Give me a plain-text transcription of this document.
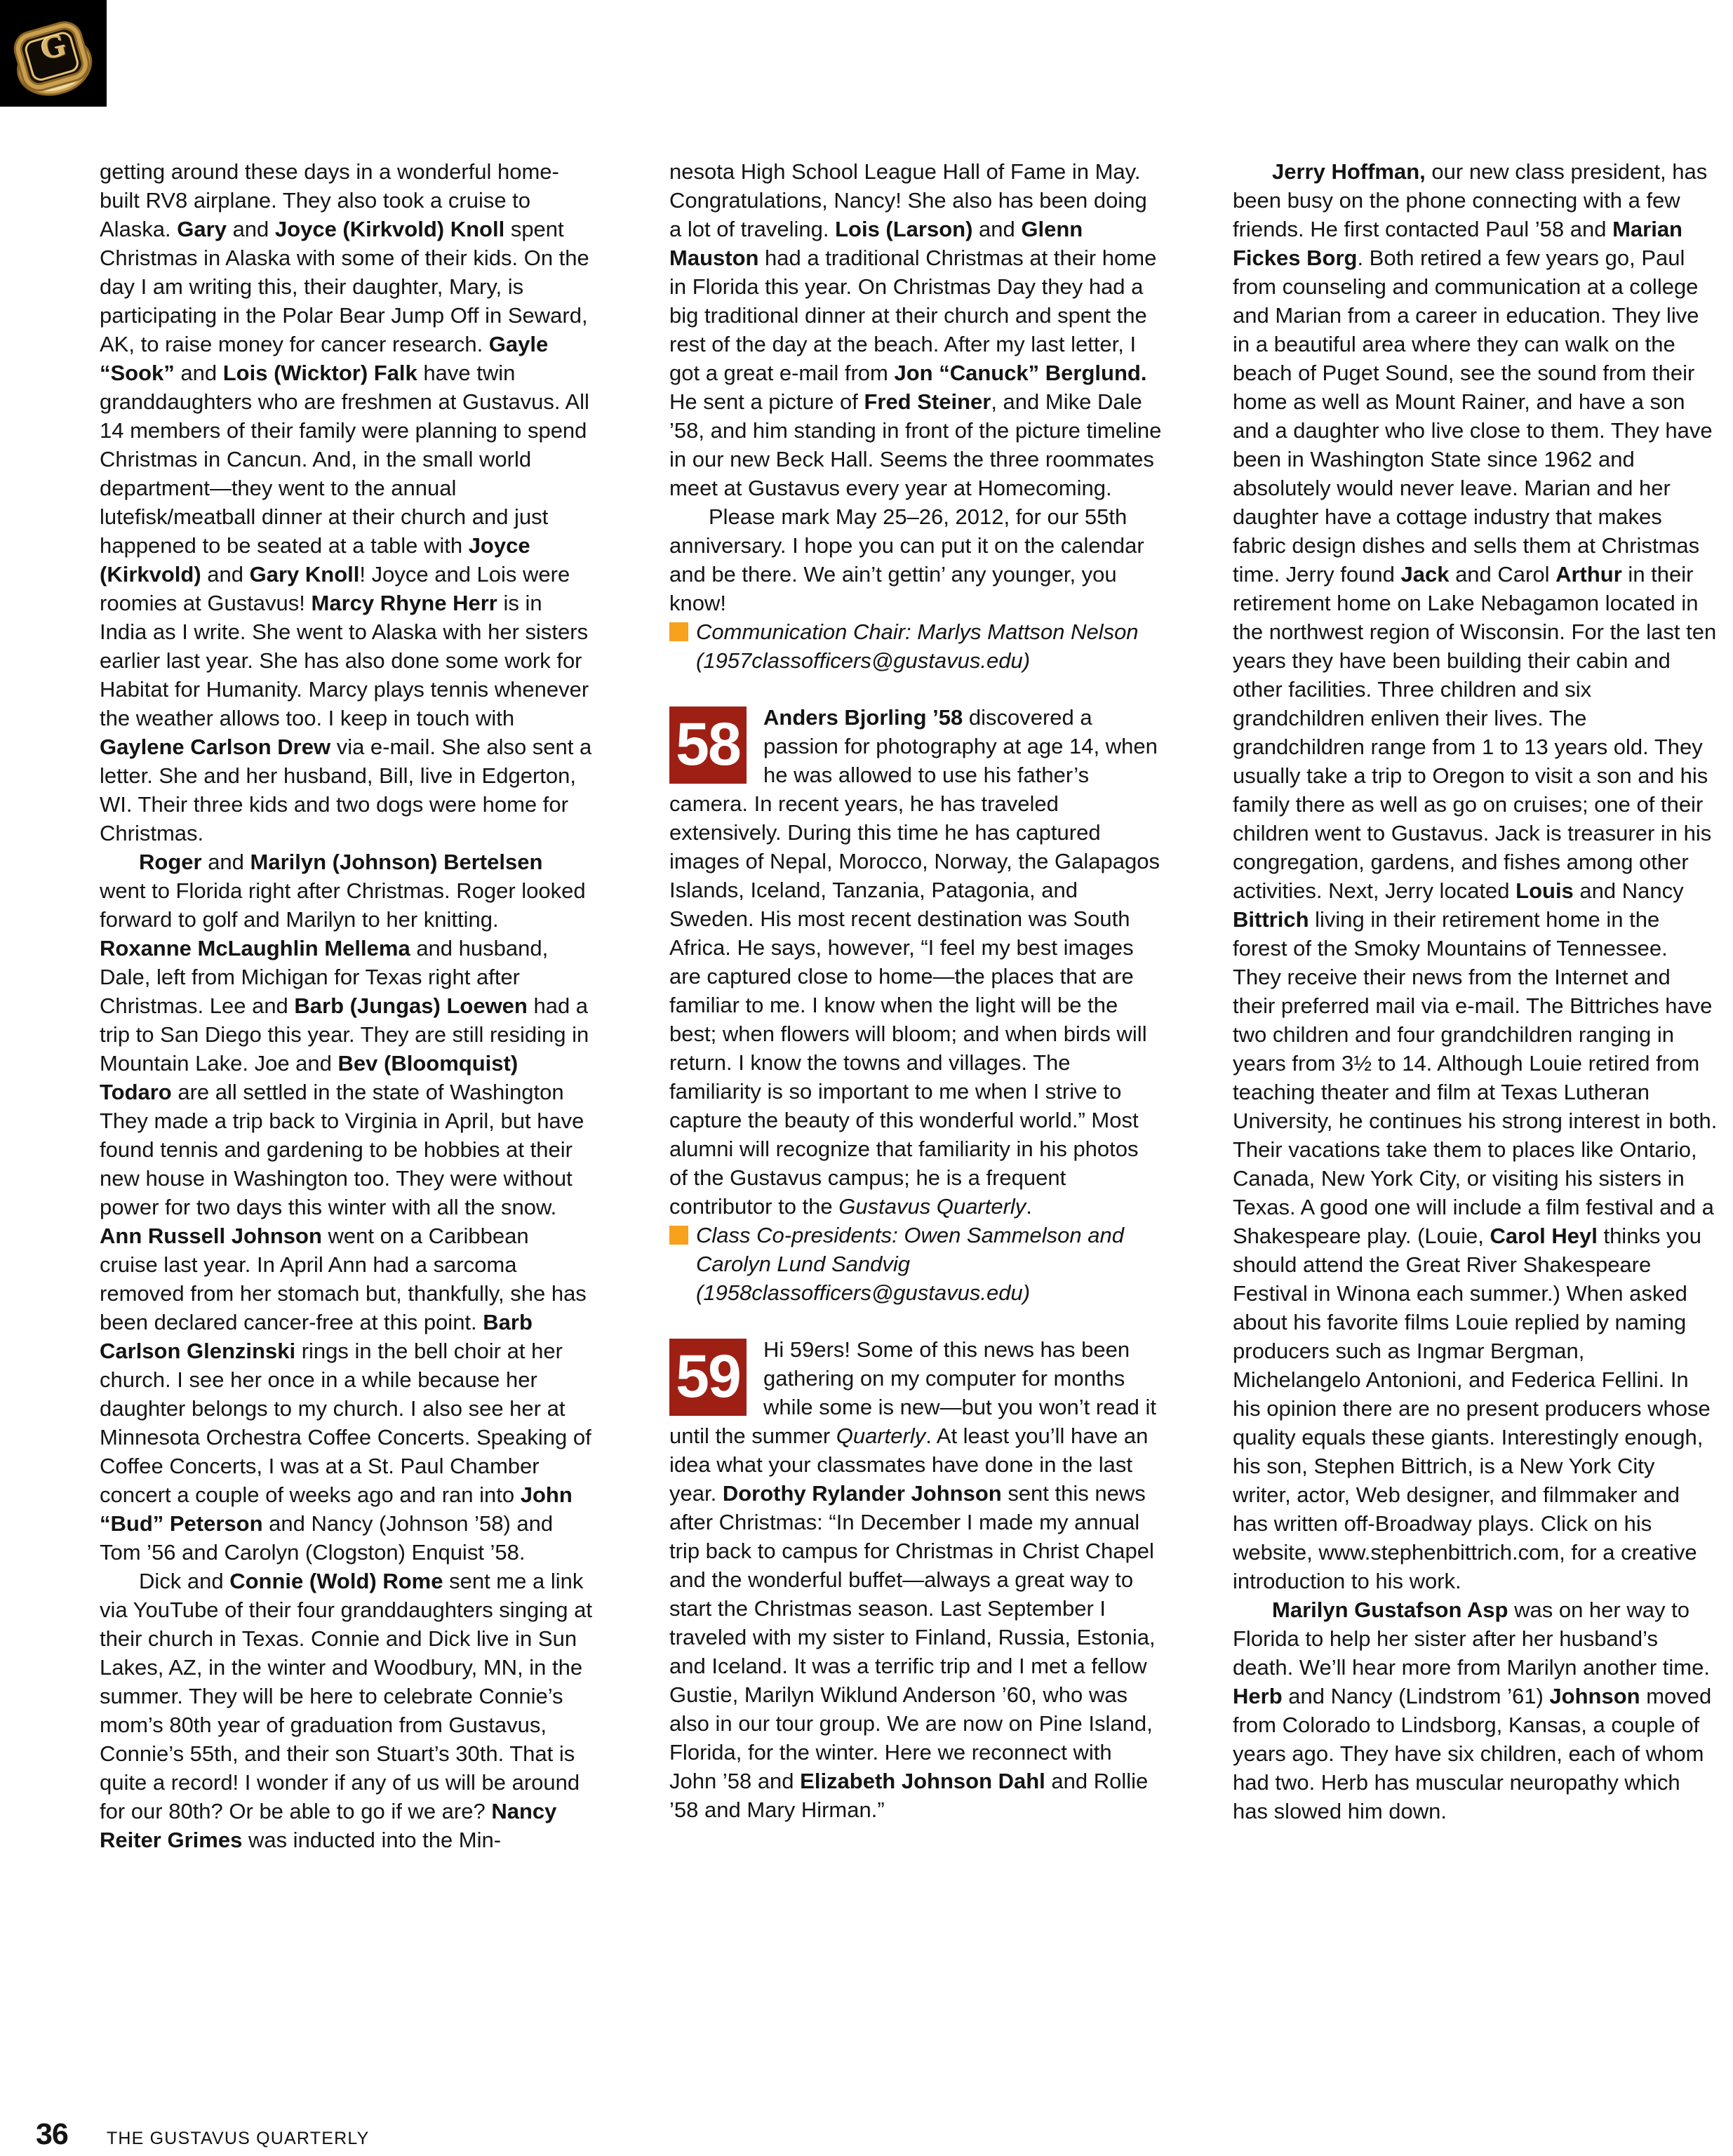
G

getting around these days in a wonderful home-built RV8 airplane. They also took a cruise to Alaska. Gary and Joyce (Kirkvold) Knoll spent Christmas in Alaska with some of their kids. On the day I am writing this, their daughter, Mary, is participating in the Polar Bear Jump Off in Seward, AK, to raise money for cancer research. Gayle “Sook” and Lois (Wicktor) Falk have twin granddaughters who are freshmen at Gustavus. All 14 members of their family were planning to spend Christmas in Cancun. And, in the small world department—they went to the annual lutefisk/meatball dinner at their church and just happened to be seated at a table with Joyce (Kirkvold) and Gary Knoll! Joyce and Lois were roomies at Gustavus! Marcy Rhyne Herr is in India as I write. She went to Alaska with her sisters earlier last year. She has also done some work for Habitat for Humanity. Marcy plays tennis whenever the weather allows too. I keep in touch with Gaylene Carlson Drew via e-mail. She also sent a letter. She and her husband, Bill, live in Edgerton, WI. Their three kids and two dogs were home for Christmas.

Roger and Marilyn (Johnson) Bertelsen went to Florida right after Christmas. Roger looked forward to golf and Marilyn to her knitting. Roxanne McLaughlin Mellema and husband, Dale, left from Michigan for Texas right after Christmas. Lee and Barb (Jungas) Loewen had a trip to San Diego this year. They are still residing in Mountain Lake. Joe and Bev (Bloomquist) Todaro are all settled in the state of Washington  They made a trip back to Virginia in April, but have found tennis and gardening to be hobbies at their new house in Washington too. They were without power for two days this winter with all the snow. Ann Russell Johnson went on a Caribbean cruise last year. In April Ann had a sarcoma removed from her stomach but, thankfully, she has been declared cancer-free at this point. Barb Carlson Glenzinski rings in the bell choir at her church. I see her once in a while because her daughter belongs to my church. I also see her at Minnesota Orchestra Coffee Concerts. Speaking of Coffee Concerts, I was at a St. Paul Chamber concert a couple of weeks ago and ran into John “Bud” Peterson and Nancy (Johnson ’58) and Tom ’56 and Carolyn (Clogston) Enquist ’58.

Dick and Connie (Wold) Rome sent me a link via YouTube of their four granddaughters singing at their church in Texas. Connie and Dick live in Sun Lakes, AZ, in the winter and Woodbury, MN, in the summer. They will be here to celebrate Connie’s mom’s 80th year of graduation from Gustavus, Connie’s 55th, and their son Stuart’s 30th. That is quite a record! I wonder if any of us will be around for our 80th? Or be able to go if we are? Nancy Reiter Grimes was inducted into the Min-

nesota High School League Hall of Fame in May. Congratulations, Nancy! She also has been doing a lot of traveling. Lois (Larson) and Glenn Mauston had a traditional Christmas at their home in Florida this year. On Christmas Day they had a big traditional dinner at their church and spent the rest of the day at the beach. After my last letter, I got a great e-mail from Jon “Canuck” Berglund. He sent a picture of Fred Steiner, and Mike Dale ’58, and him standing in front of the picture timeline in our new Beck Hall. Seems the three roommates meet at Gustavus every year at Homecoming.

Please mark May 25–26, 2012, for our 55th anniversary. I hope you can put it on the calendar and be there. We ain’t gettin’ any younger, you know!

Communication Chair: Marlys Mattson Nelson (1957classofficers@gustavus.edu)

58 Anders Bjorling ’58 discovered a passion for photography at age 14, when he was allowed to use his father’s camera. In recent years, he has traveled extensively. During this time he has captured images of Nepal, Morocco, Norway, the Galapagos Islands, Iceland, Tanzania, Patagonia, and Sweden. His most recent destination was South Africa. He says, however, “I feel my best images are captured close to home—the places that are familiar to me. I know when the light will be the best; when flowers will bloom; and when birds will return. I know the towns and villages. The familiarity is so important to me when I strive to capture the beauty of this wonderful world.” Most alumni will recognize that familiarity in his photos of the Gustavus campus; he is a frequent contributor to the Gustavus Quarterly.

Class Co-presidents: Owen Sammelson and Carolyn Lund Sandvig (1958classofficers@gustavus.edu)

59 Hi 59ers! Some of this news has been gathering on my computer for months while some is new—but you won’t read it until the summer Quarterly. At least you’ll have an idea what your classmates have done in the last year. Dorothy Rylander Johnson sent this news after Christmas: “In December I made my annual trip back to campus for Christmas in Christ Chapel and the wonderful buffet—always a great way to start the Christmas season. Last September I traveled with my sister to Finland, Russia, Estonia, and Iceland. It was a terrific trip and I met a fellow Gustie, Marilyn Wiklund Anderson ’60, who was also in our tour group. We are now on Pine Island, Florida, for the winter. Here we reconnect with John ’58 and Elizabeth Johnson Dahl and Rollie ’58 and Mary Hirman.”

Jerry Hoffman, our new class president, has been busy on the phone connecting with a few friends. He first contacted Paul ’58 and Marian Fickes Borg. Both retired a few years go, Paul from counseling and communication at a college and Marian from a career in education. They live in a beautiful area where they can walk on the beach of Puget Sound, see the sound from their home as well as Mount Rainer, and have a son and a daughter who live close to them. They have been in Washington State since 1962 and absolutely would never leave. Marian and her daughter have a cottage industry that makes fabric design dishes and sells them at Christmas time. Jerry found Jack and Carol Arthur in their retirement home on Lake Nebagamon located in the northwest region of Wisconsin. For the last ten years they have been building their cabin and other facilities. Three children and six grandchildren enliven their lives. The grandchildren range from 1 to 13 years old. They usually take a trip to Oregon to visit a son and his family there as well as go on cruises; one of their children went to Gustavus. Jack is treasurer in his congregation, gardens, and fishes among other activities. Next, Jerry located Louis and Nancy Bittrich living in their retirement home in the forest of the Smoky Mountains of Tennessee. They receive their news from the Internet and their preferred mail via e-mail. The Bittriches have two children and four grandchildren ranging in years from 3½ to 14. Although Louie retired from teaching theater and film at Texas Lutheran University, he continues his strong interest in both. Their vacations take them to places like Ontario, Canada, New York City, or visiting his sisters in Texas. A good one will include a film festival and a Shakespeare play. (Louie, Carol Heyl thinks you should attend the Great River Shakespeare Festival in Winona each summer.) When asked about his favorite films Louie replied by naming producers such as Ingmar Bergman, Michelangelo Antonioni, and Federica Fellini. In his opinion there are no present producers whose quality equals these giants. Interestingly enough, his son, Stephen Bittrich, is a New York City writer, actor, Web designer, and filmmaker and has written off-Broadway plays. Click on his website, www.stephenbittrich.com, for a creative introduction to his work.

Marilyn Gustafson Asp was on her way to Florida to help her sister after her husband’s death. We’ll hear more from Marilyn another time. Herb and Nancy (Lindstrom ’61) Johnson moved from Colorado to Lindsborg, Kansas, a couple of years ago. They have six children, each of whom had two. Herb has muscular neuropathy which has slowed him down.

36 THE GUSTAVUS QUARTERLY
